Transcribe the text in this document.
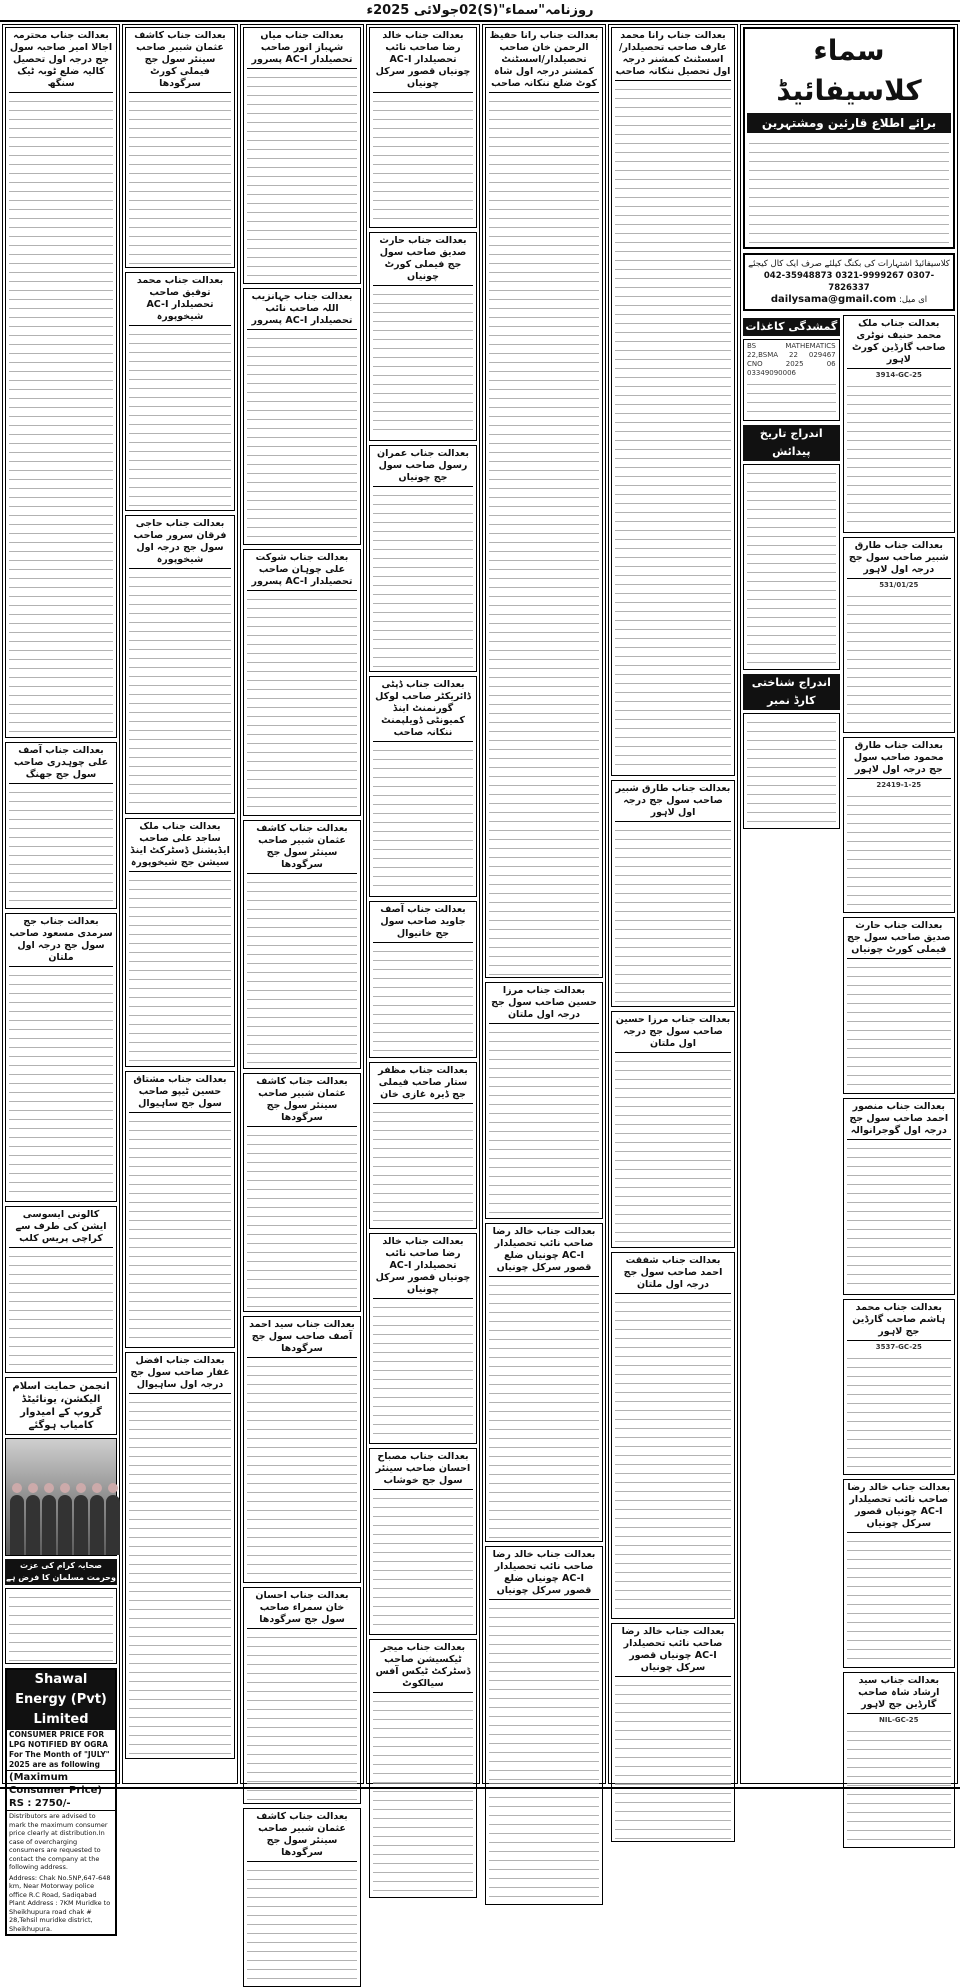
روزنامہ"سماء"(S)02جولائی 2025ء
سماء کلاسیفائیڈ
برائے اطلاع قارئین ومشتہرین
کلاسیفائیڈ اشتہارات کی بکنگ کیلئے صرف ایک کال کیجئے
042-35948873 0321-9999267 0307-7826337
ای میل: dailysama@gmail.com
بعدالت جناب ملک محمد حنیف نوٹری صاحب گارڈین کورٹ لاہور
3914-GC-25
بعدالت جناب طارق شبیر صاحب سول جج درجہ اول لاہور
531/01/25
بعدالت جناب طارق محمود صاحب سول جج درجہ اول لاہور
22419-1-25
بعدالت جناب حارث صدیق صاحب سول جج فیملی کورٹ چونیاں
بعدالت جناب منصور احمد صاحب سول جج درجہ اول گوجرانوالہ
بعدالت جناب محمد ہاشم صاحب گارڈین جج لاہور
3537-GC-25
بعدالت جناب خالد رضا صاحب نائب تحصیلدار AC-I چونیاں قصور سرکل چونیاں
بعدالت جناب سید ارشاد شاہ صاحب گارڈین جج لاہور
NIL-GC-25
گمشدگی کاغذات
BS MATHEMATICS 22,BSMA 22 029467 CNO 2025 06 03349090006
اندراج تاریخ پیدائش
اندراج شناختی کارڈ نمبر
بعدالت جناب رانا محمد عارف صاحب تحصیلدار/اسسٹنٹ کمشنر درجہ اول تحصیل ننکانہ صاحب
بعدالت جناب طارق شبیر صاحب سول جج درجہ اول لاہور
بعدالت جناب مرزا حسین صاحب سول جج درجہ اول ملتان
بعدالت جناب شفقت احمد صاحب سول جج درجہ اول ملتان
بعدالت جناب خالد رضا صاحب نائب تحصیلدار AC-I چونیاں قصور سرکل چونیاں
بعدالت جناب رانا حفیظ الرحمن خان صاحب تحصیلدار/اسسٹنٹ کمشنر درجہ اول شاہ کوٹ ضلع ننکانہ صاحب
بعدالت جناب مرزا حسین صاحب سول جج درجہ اول ملتان
بعدالت جناب خالد رضا صاحب نائب تحصیلدار AC-I چونیاں ضلع قصور سرکل چونیاں
بعدالت جناب خالد رضا صاحب نائب تحصیلدار AC-I چونیاں ضلع قصور سرکل چونیاں
بعدالت جناب خالد رضا صاحب نائب تحصیلدار AC-I چونیاں قصور سرکل چونیاں
بعدالت جناب حارث صدیق صاحب سول جج فیملی کورٹ چونیاں
بعدالت جناب عمران رسول صاحب سول جج چونیاں
بعدالت جناب ڈپٹی ڈائریکٹر صاحب لوکل گورنمنٹ اینڈ کمیونٹی ڈویلپمنٹ ننکانہ صاحب
بعدالت جناب آصف جاوید صاحب سول جج خانیوال
بعدالت جناب مظفر ستار صاحب فیملی جج ڈیرہ غازی خان
بعدالت جناب خالد رضا صاحب نائب تحصیلدار AC-I چونیاں قصور سرکل چونیاں
بعدالت جناب مصباح احسان صاحب سینئر سول جج خوشاب
بعدالت جناب میجر ٹیکسیشن صاحب ڈسٹرکٹ ٹیکس آفس سیالکوٹ
بعدالت جناب میاں شہباز انور صاحب تحصیلدار AC-I پسرور
بعدالت جناب جہانزیب اللہ صاحب نائب تحصیلدار AC-I پسرور
بعدالت جناب شوکت علی چوہان صاحب تحصیلدار AC-I پسرور
بعدالت جناب کاشف عثمان شبیر صاحب سینئر سول جج سرگودھا
بعدالت جناب کاشف عثمان شبیر صاحب سینئر سول جج سرگودھا
بعدالت جناب سید احمد آصف صاحب سول جج سرگودھا
بعدالت جناب احسان خان سمراء صاحب سول جج سرگودھا
بعدالت جناب کاشف عثمان شبیر صاحب سینئر سول جج سرگودھا
بعدالت جناب کاشف عثمان شبیر صاحب سینئر سول جج فیملی کورٹ سرگودھا
بعدالت جناب محمد توفیق صاحب تحصیلدار AC-I شیخوپورہ
بعدالت جناب حاجی فرقان سرور صاحب سول جج درجہ اول شیخوپورہ
بعدالت جناب ملک ساجد علی صاحب ایڈیشنل ڈسٹرکٹ اینڈ سیشن جج شیخوپورہ
بعدالت جناب مشتاق حسین ٹیپو صاحب سول جج ساہیوال
بعدالت جناب افضل غفار صاحب سول جج درجہ اول ساہیوال
بعدالت جناب محترمہ اجالا امیر صاحبہ سول جج درجہ اول تحصیل کالیہ ضلع ٹوبہ ٹیک سنگھ
بعدالت جناب آصف علی چوہدری صاحب سول جج جھنگ
بعدالت جناب جج سرمدی مسعود صاحب سول جج درجہ اول ملتان
کالونی ایسوسی ایشن کی طرف سے کراچی پریس کلب
انجمن حمایت اسلام الیکشن، یونائیٹڈ گروپ کے امیدوار کامیاب ہوگئے
صحابہ کرام کی عزت وحرمت مسلمان کا فرض ہے
Shawal Energy (Pvt) Limited
CONSUMER PRICE FOR LPG NOTIFIED BY OGRA
For The Month of "JULY" 2025 are as following
(Maximum Consumer Price) RS : 2750/-
Distributors are advised to mark the maximum consumer price clearly at distribution.In case of overcharging consumers are requested to contact the company at the following address.
Address: Chak No.5NP,647-648 km, Near Motorway police office R.C Road, Sadiqabad Plant Address : 7KM Muridke to Sheikhupura road chak # 28,Tehsil muridke district, Sheikhupura.
